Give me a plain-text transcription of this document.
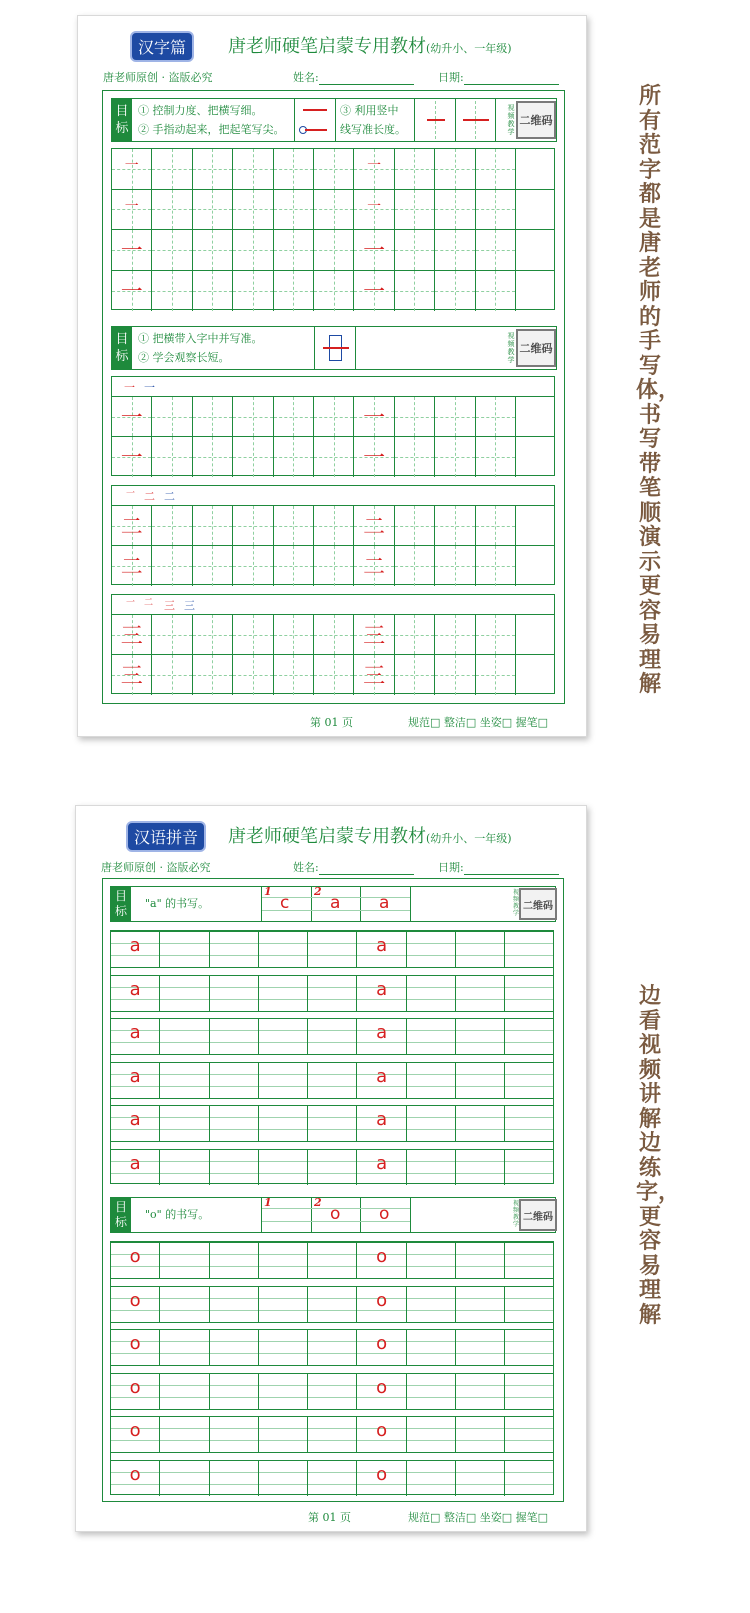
汉字篇	唐老师硬笔启蒙专用教材(幼升小、一年级)
唐老师原创 · 盗版必究	姓名:	日期:
目
标
① 控制力度、把横写细。
② 手指动起来，把起笔写尖。
③ 利用竖中
线写准长度。
视频教学
二维码
一	一
一	一
一	一
一	一
目
标
① 把横带入字中并写准。
② 学会观察长短。
视频教学
二维码
一 一
一	一
一	一
一 二 二
二	二
二	二
一 二 三 三
三	三
三	三
第 01 页	规范□ 整洁□ 坐姿□ 握笔□
汉语拼音	唐老师硬笔启蒙专用教材(幼升小、一年级)
唐老师原创 · 盗版必究	姓名:	日期:
目
标
"a" 的书写。
1
c
2
a a
视频教学
二维码
a	a
a	a
a	a
a	a
a	a
a	a
目
标
"o" 的书写。
1	2
o o
视频教学
二维码
o	o
o	o
o	o
o	o
o	o
o	o
第 01 页	规范□ 整洁□ 坐姿□ 握笔□
所有范字都是唐老师的手写体，书写带笔顺演示更容易理解
边看视频讲解边练字，更容易理解
